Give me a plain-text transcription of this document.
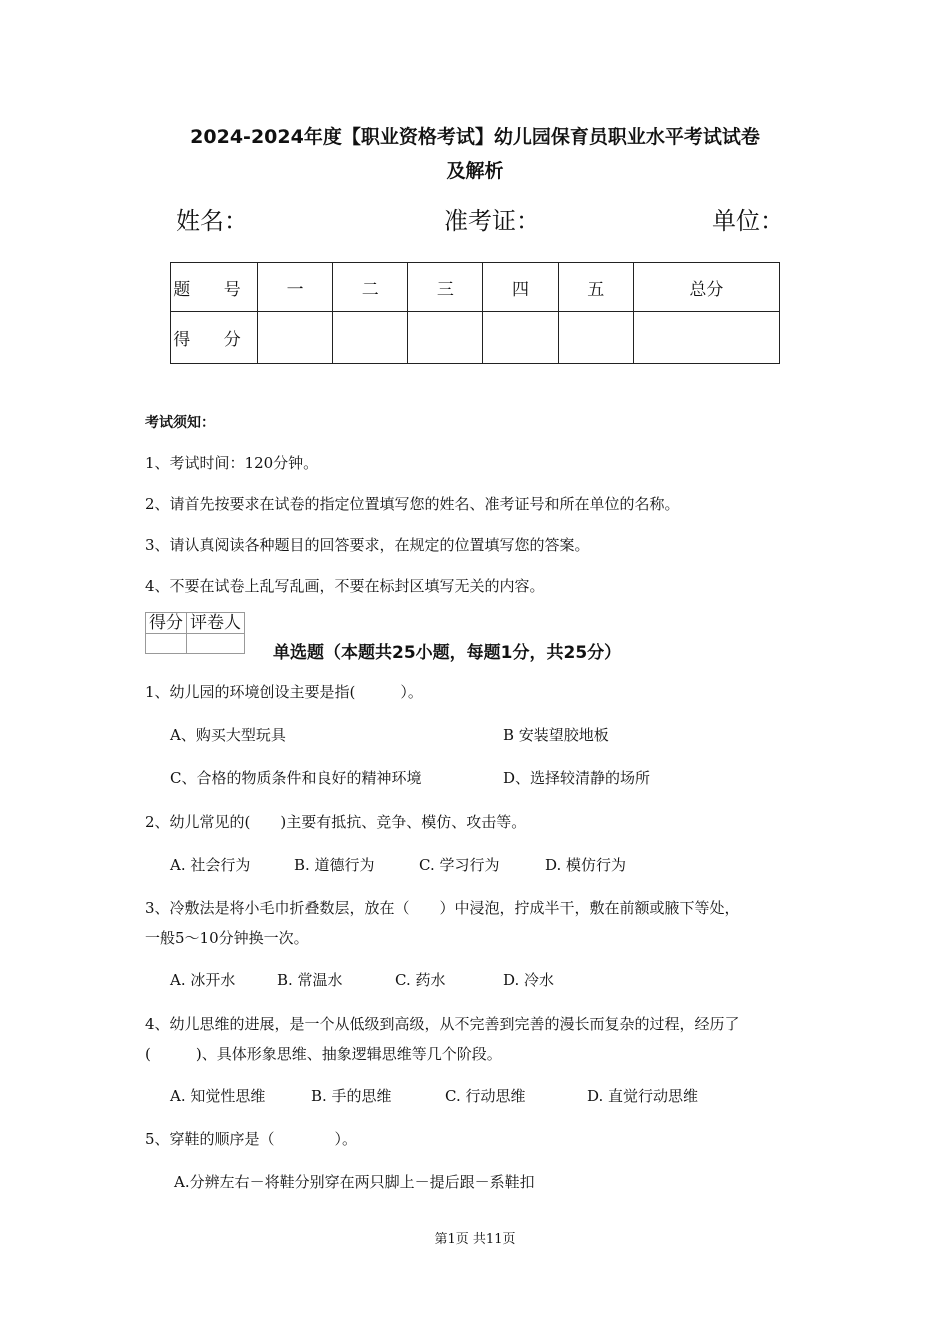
2024-2024年度【职业资格考试】幼儿园保育员职业水平考试试卷
及解析
姓名：	准考证：	单位：
题 号	一	二	三	四	五	总分
得 分						
考试须知：
1、考试时间：120分钟。
2、请首先按要求在试卷的指定位置填写您的姓名、准考证号和所在单位的名称。
3、请认真阅读各种题目的回答要求，在规定的位置填写您的答案。
4、不要在试卷上乱写乱画，不要在标封区填写无关的内容。
得分	评卷人

单选题（本题共25小题，每题1分，共25分）
1、幼儿园的环境创设主要是指(　　　）。
A、购买大型玩具	B 安装望胶地板
C、合格的物质条件和良好的精神环境	D、选择较清静的场所
2、幼儿常见的(　　)主要有抵抗、竞争、模仿、攻击等。
A. 社会行为	B. 道德行为	C. 学习行为	D. 模仿行为
3、冷敷法是将小毛巾折叠数层，放在（　　）中浸泡，拧成半干，敷在前额或腋下等处，
一般5～10分钟换一次。
A. 冰开水	B. 常温水	C. 药水	D. 冷水
4、幼儿思维的进展，是一个从低级到高级，从不完善到完善的漫长而复杂的过程，经历了
(　　　)、具体形象思维、抽象逻辑思维等几个阶段。
A. 知觉性思维	B. 手的思维	C. 行动思维	D. 直觉行动思维
5、穿鞋的顺序是（　　　　）。
A.分辨左右－将鞋分别穿在两只脚上－提后跟－系鞋扣
第1页 共11页
